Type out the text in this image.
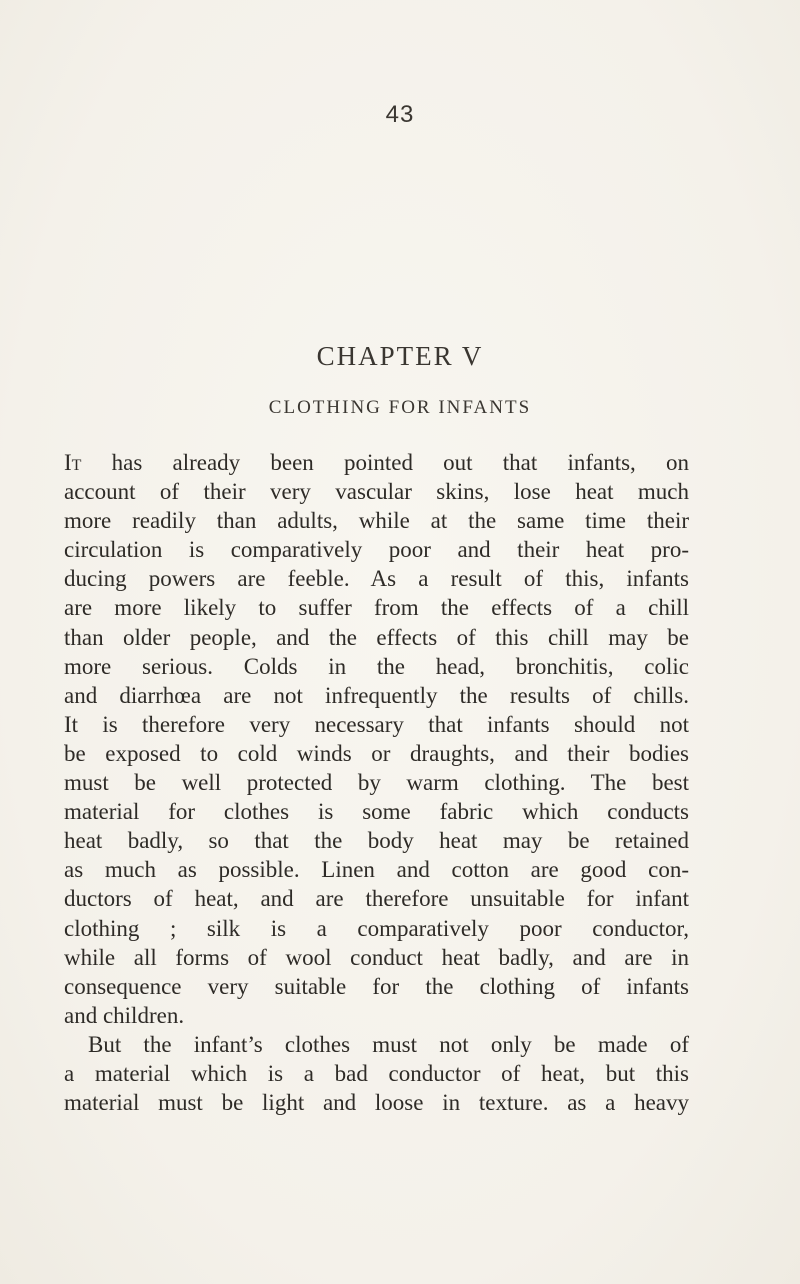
43
CHAPTER V
CLOTHING FOR INFANTS
It has already been pointed out that infants, on
account of their very vascular skins, lose heat much
more readily than adults, while at the same time their
circulation is comparatively poor and their heat pro-
ducing powers are feeble. As a result of this, infants
are more likely to suffer from the effects of a chill
than older people, and the effects of this chill may be
more serious. Colds in the head, bronchitis, colic
and diarrhœa are not infrequently the results of chills.
It is therefore very necessary that infants should not
be exposed to cold winds or draughts, and their bodies
must be well protected by warm clothing. The best
material for clothes is some fabric which conducts
heat badly, so that the body heat may be retained
as much as possible. Linen and cotton are good con-
ductors of heat, and are therefore unsuitable for infant
clothing ; silk is a comparatively poor conductor,
while all forms of wool conduct heat badly, and are in
consequence very suitable for the clothing of infants
and children.
But the infant’s clothes must not only be made of
a material which is a bad conductor of heat, but this
material must be light and loose in texture. as a heavy
